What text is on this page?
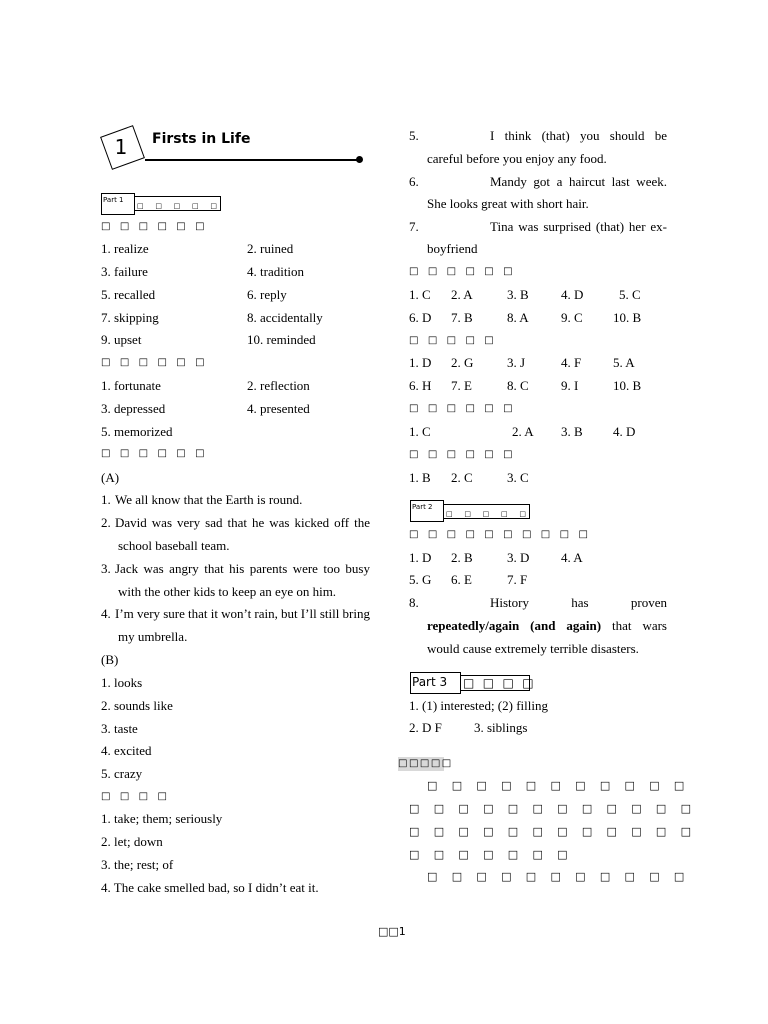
1 Firsts in Life
Part 1
□ □ □ □ □
□ □ □ □ □ □
1. realize	2. ruined
3. failure	4. tradition
5. recalled	6. reply
7. skipping	8. accidentally
9. upset	10. reminded
□ □ □ □ □ □
1. fortunate	2. reflection
3. depressed	4. presented
5. memorized
□ □ □ □ □ □
(A)
1. We all know that the Earth is round.
2. David was very sad that he was kicked off the
school baseball team.
3. Jack was angry that his parents were too busy
with the other kids to keep an eye on him.
4. I’m very sure that it won’t rain, but I’ll still bring
my umbrella.
(B)
1. looks
2. sounds like
3. taste
4. excited
5. crazy
□ □ □ □
1. take; them; seriously
2. let; down
3. the; rest; of
4. The cake smelled bad, so I didn’t eat it.
5.	I think (that) you should be
careful before you enjoy any food.
6.	Mandy got a haircut last week.
She looks great with short hair.
7.	Tina was surprised (that) her ex-
boyfriend
□ □ □ □ □ □
1. C 2. A	3. B 4. D	5. C
6. D 7. B	8. A 9. C 10. B
□ □ □ □ □
1. D 2. G	3. J	4. F 5. A
6. H 7. E	8. C 9. I	10. B
□ □ □ □ □ □
1. C	2. A 3. B 4. D
□ □ □ □ □ □
1. B 2. C	3. C
Part 2
□ □ □ □ □
□ □ □ □ □ □ □ □ □ □
1. D 2. B	3. D 4. A
5. G 6. E	7. F
8.	History has proven
repeatedly/again (and again) that wars
would cause extremely terrible disasters.
Part 3	□ □ □ □
1. (1) interested; (2) filling
2. D F 3. siblings
□□□□□
□ □ □ □ □ □ □ □ □ □ □
□ □ □ □ □ □ □ □ □ □ □ □
□ □ □ □ □ □ □ □ □ □ □ □
□ □ □ □ □ □ □
□ □ □ □ □ □ □ □ □ □ □
□□1
